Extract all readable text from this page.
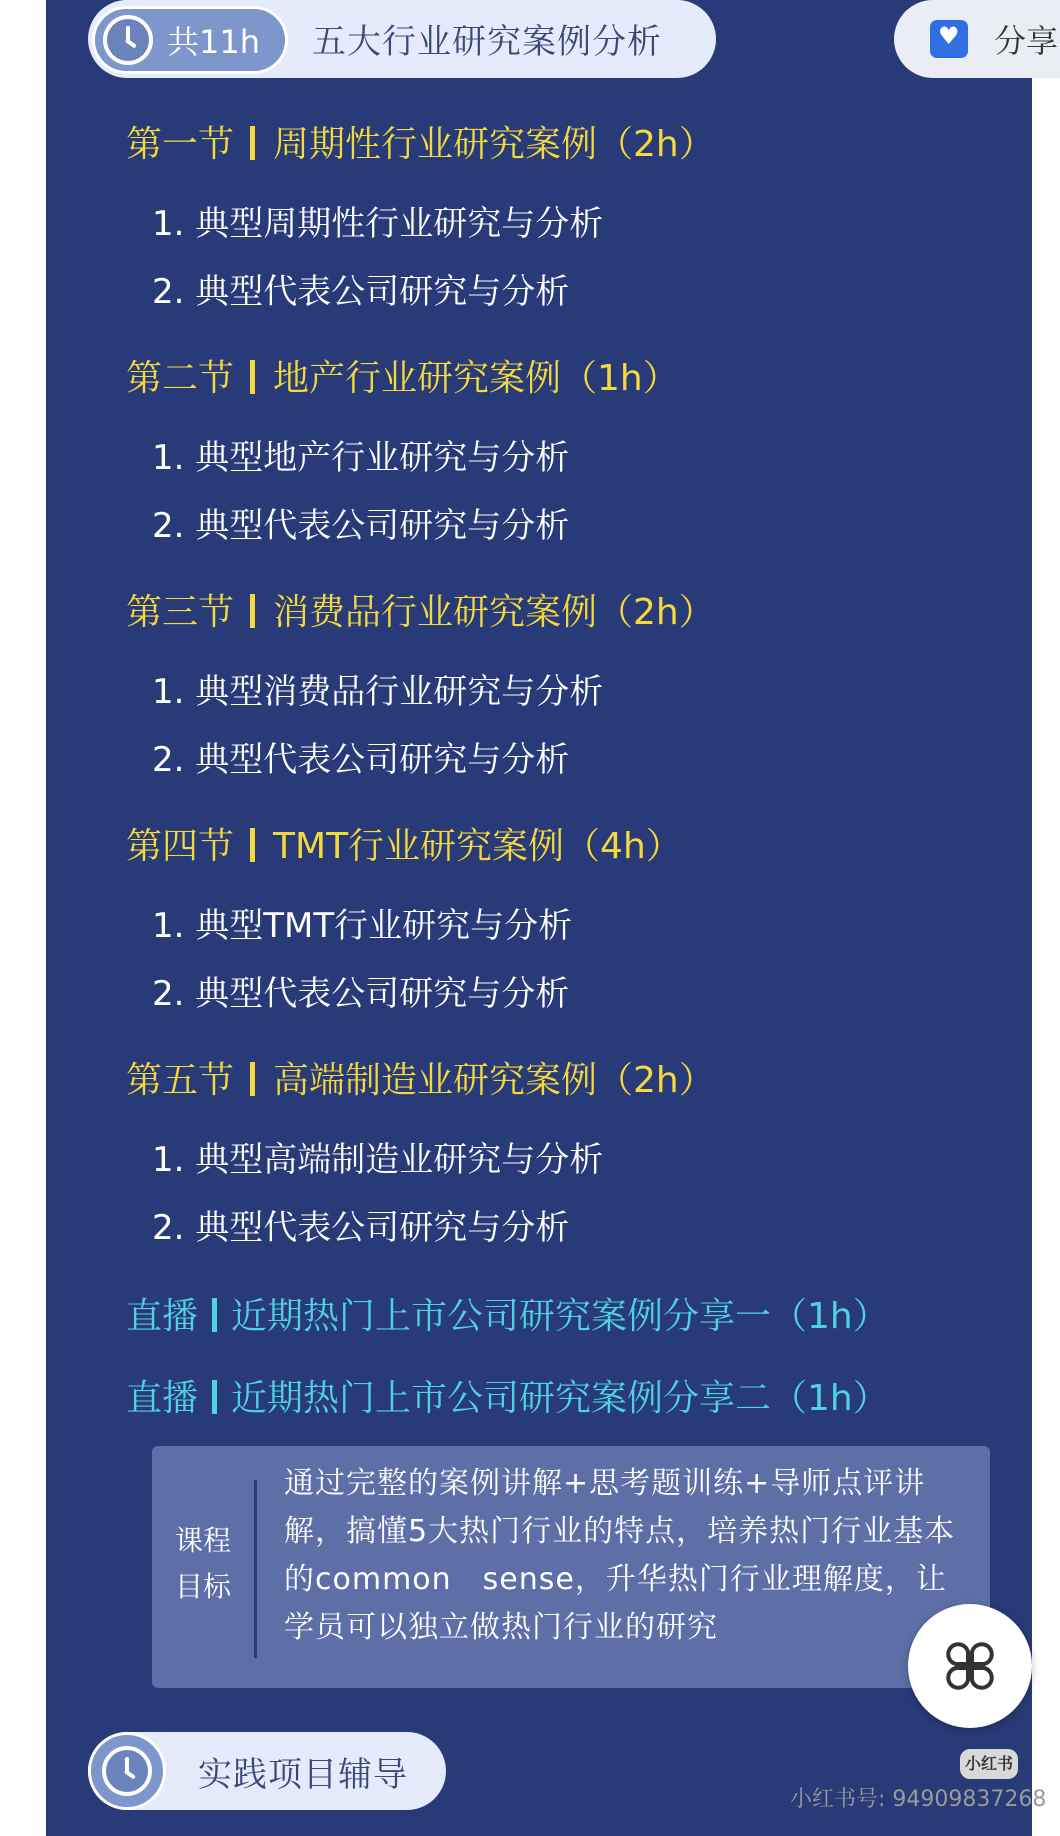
共11h 五大行业研究案例分析
♥	分享
第一节 周期性行业研究案例（2h）
1. 典型周期性行业研究与分析
2. 典型代表公司研究与分析
第二节 地产行业研究案例（1h）
1. 典型地产行业研究与分析
2. 典型代表公司研究与分析
第三节 消费品行业研究案例（2h）
1. 典型消费品行业研究与分析
2. 典型代表公司研究与分析
第四节 TMT行业研究案例（4h）
1. 典型TMT行业研究与分析
2. 典型代表公司研究与分析
第五节 高端制造业研究案例（2h）
1. 典型高端制造业研究与分析
2. 典型代表公司研究与分析
直播 近期热门上市公司研究案例分享一（1h）
直播 近期热门上市公司研究案例分享二（1h）
课程
目标
通过完整的案例讲解+思考题训练+导师点评讲解，搞懂5大热门行业的特点，培养热门行业基本的common　sense，升华热门行业理解度，让学员可以独立做热门行业的研究
实践项目辅导	小红书
小红书号: 94909837268
